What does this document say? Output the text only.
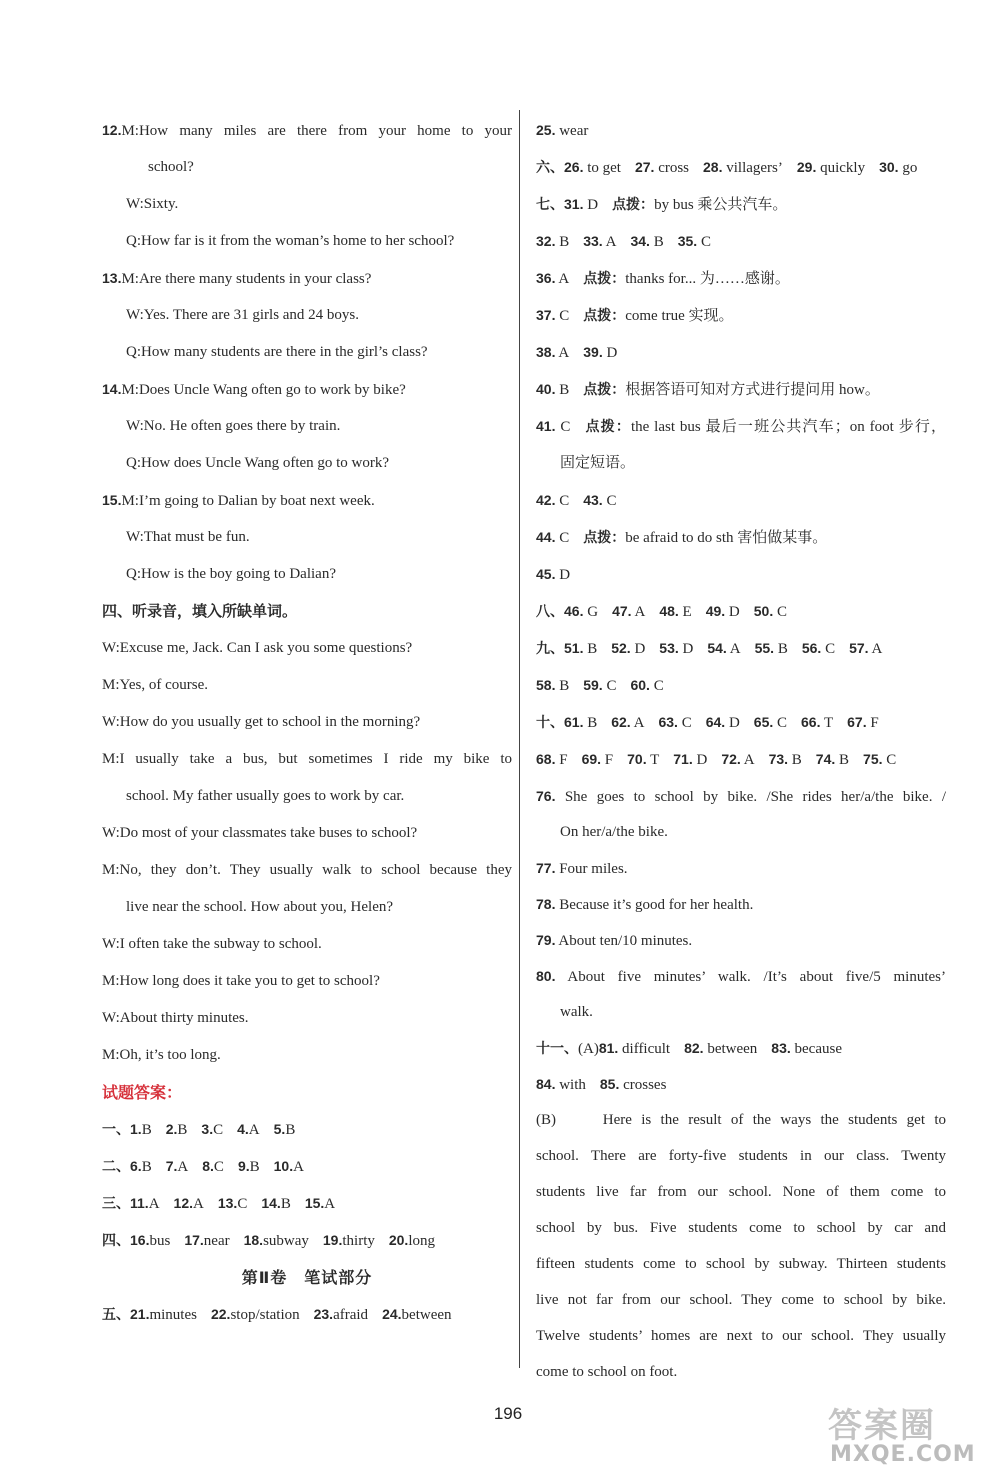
12.M:How many miles are there from your home to your
school?
W:Sixty.
Q:How far is it from the woman’s home to her school?
13.M:Are there many students in your class?
W:Yes. There are 31 girls and 24 boys.
Q:How many students are there in the girl’s class?
14.M:Does Uncle Wang often go to work by bike?
W:No. He often goes there by train.
Q:How does Uncle Wang often go to work?
15.M:I’m going to Dalian by boat next week.
W:That must be fun.
Q:How is the boy going to Dalian?
四、听录音，填入所缺单词。
W:Excuse me, Jack. Can I ask you some questions?
M:Yes, of course.
W:How do you usually get to school in the morning?
M:I usually take a bus, but sometimes I ride my bike to
school. My father usually goes to work by car.
W:Do most of your classmates take buses to school?
M:No, they don’t. They usually walk to school because they
live near the school. How about you, Helen?
W:I often take the subway to school.
M:How long does it take you to get to school?
W:About thirty minutes.
M:Oh, it’s too long.
试题答案：
一、1.B 2.B 3.C 4.A 5.B
二、6.B 7.A 8.C 9.B 10.A
三、11.A 12.A 13.C 14.B 15.A
四、16.bus 17.near 18.subway 19.thirty 20.long
第Ⅱ卷　笔试部分
五、21.minutes 22.stop/station 23.afraid 24.between
25. wear
六、26. to get 27. cross 28. villagers’ 29. quickly 30. go
七、31. D 点拨：by bus 乘公共汽车。
32. B 33. A 34. B 35. C
36. A 点拨：thanks for... 为……感谢。
37. C 点拨：come true 实现。
38. A 39. D
40. B 点拨：根据答语可知对方式进行提问用 how。
41. C 点拨：the last bus 最后一班公共汽车；on foot 步行，
固定短语。
42. C 43. C
44. C 点拨：be afraid to do sth 害怕做某事。
45. D
八、46. G 47. A 48. E 49. D 50. C
九、51. B 52. D 53. D 54. A 55. B 56. C 57. A
58. B 59. C 60. C
十、61. B 62. A 63. C 64. D 65. C 66. T 67. F
68. F 69. F 70. T 71. D 72. A 73. B 74. B 75. C
76. She goes to school by bike. /She rides her/a/the bike. /
On her/a/the bike.
77. Four miles.
78. Because it’s good for her health.
79. About ten/10 minutes.
80. About five minutes’ walk. /It’s about five/5 minutes’
walk.
十一、(A)81. difficult 82. between 83. because
84. with 85. crosses
(B)　　Here is the result of the ways the students get to
school. There are forty-five students in our class. Twenty
students live far from our school. None of them come to
school by bus. Five students come to school by car and
fifteen students come to school by subway. Thirteen students
live not far from our school. They come to school by bike.
Twelve students’ homes are next to our school. They usually
come to school on foot.
196	答案圈
MXQE.COM
